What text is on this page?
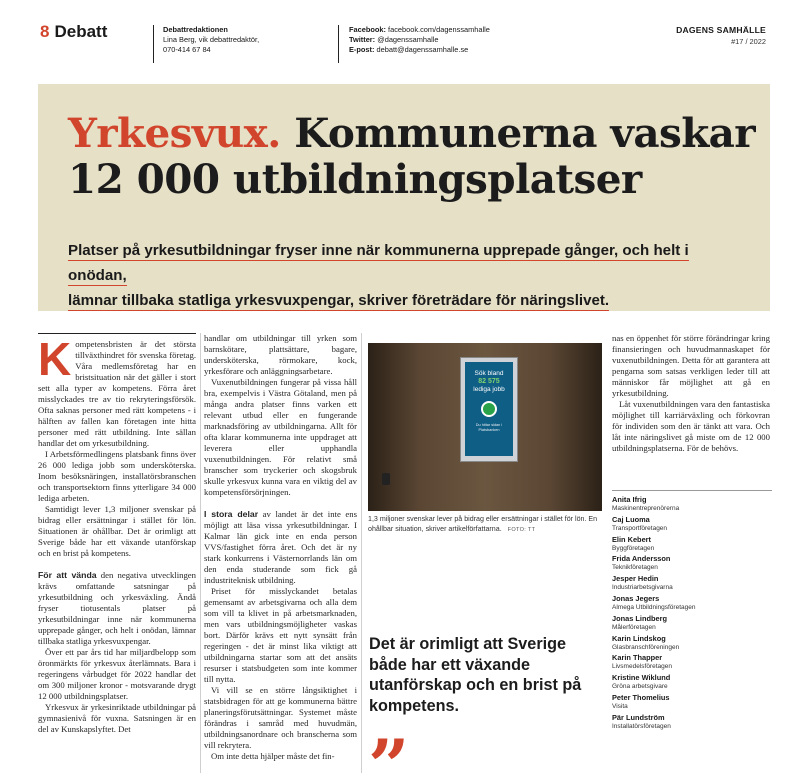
8 Debatt	Debattredaktionen
Lina Berg, vik debattredaktör,
070-414 67 84
Facebook: facebook.com/dagenssamhalle
Twitter: @dagenssamhalle
E-post: debatt@dagenssamhalle.se
DAGENS SAMHÄLLE
#17 / 2022
Yrkesvux. Kommunerna vaskar
12 000 utbildningsplatser
Platser på yrkesutbildningar fryser inne när kommunerna upprepade gånger, och helt i onödan,
lämnar tillbaka statliga yrkesvuxpengar, skriver företrädare för näringslivet.

Kompetensbristen är det största tillväxthindret för svenska företag. Våra medlemsföretag har en bristsituation när det gäller i stort sett alla typer av kompetens. Förra året misslyckades tre av tio rekryteringsförsök. Ofta saknas personer med rätt kompetens - i hälften av fallen kan företagen inte hitta personer med rätt utbildning. Inte sällan handlar det om yrkesutbildning.

I Arbetsförmedlingens platsbank finns över 26 000 lediga jobb som undersköterska. Inom besöksnäringen, installatörsbranschen och transportsektorn finns ytterligare 34 000 lediga arbeten.

Samtidigt lever 1,3 miljoner svenskar på bidrag eller ersättningar i stället för lön. Situationen är ohållbar. Det är orimligt att Sverige både har ett växande utanförskap och en brist på kompetens.

För att vända den negativa utvecklingen krävs omfattande satsningar på yrkesutbildning och yrkesväxling. Ändå fryser tiotusentals platser på yrkesutbildningar inne när kommunerna upprepade gånger, och helt i onödan, lämnar tillbaka statliga yrkesvuxpengar.

Över ett par års tid har miljardbelopp som öronmärkts för yrkesvux återlämnats. Bara i regeringens vårbudget för 2022 handlar det om 300 miljoner kronor - motsvarande drygt 12 000 utbildningsplatser.

Yrkesvux är yrkesinriktade utbildningar på gymnasienivå för vuxna. Satsningen är en del av Kunskapslyftet. Det

handlar om utbildningar till yrken som barnskötare, plattsättare, bagare, undersköterska, rörmokare, kock, yrkesförare och anläggningsarbetare.

Vuxenutbildningen fungerar på vissa håll bra, exempelvis i Västra Götaland, men på många andra platser finns varken ett relevant utbud eller en fungerande marknadsföring av utbildningarna. Allt för ofta klarar kommunerna inte uppdraget att leverera eller upphandla vuxenutbildningen. För relativt små branscher som tryckerier och skogsbruk skulle yrkesvux kunna vara en viktig del av kompetensförsörjningen.

I stora delar av landet är det inte ens möjligt att läsa vissa yrkesutbildningar. I Kalmar län gick inte en enda person VVS/fastighet förra året. Och det är ny stark konkurrens i Västernorrlands län om den enda studerande som fick gå industriteknisk utbildning.

Priset för misslyckandet betalas gemensamt av arbetsgivarna och alla dem som vill ta klivet in på arbetsmarknaden, men vars utbildningsmöjligheter vaskas bort. Därför krävs ett nytt synsätt från regeringen - det är minst lika viktigt att utbildningarna startar som att det ansäts resurser i statsbudgeten som inte kommer till nytta.

Vi vill se en större långsiktighet i statsbidragen för att ge kommunerna bättre planeringsförutsättningar. Systemet måste förändras i samråd med huvudmän, utbildningsanordnare och branscherna som vill rekrytera.

Om inte detta hjälper måste det fin-

Sök bland
82 575
lediga jobb
Du hittar sidan i Platsbanken
1,3 miljoner svenskar lever på bidrag eller ersättningar i stället för lön. En ohållbar situation, skriver artikelförfattarna. FOTO: TT
Det är orimligt att Sverige både har ett växande utanförskap och en brist på kompetens.
”

nas en öppenhet för större förändringar kring finansieringen och huvudmannaskapet för vuxenutbildningen. Detta för att garantera att pengarna som satsas verkligen leder till att människor får möjlighet att gå en yrkesutbildning.

Låt vuxenutbildningen vara den fantastiska möjlighet till karriärväxling och förkovran för individen som den är tänkt att vara. Och låt inte näringslivet gå miste om de 12 000 utbildningsplatserna. För de behövs.

Anita Ifrig
Maskinentreprenörerna
Caj Luoma
Transportföretagen
Elin Kebert
Byggföretagen
Frida Andersson
Teknikföretagen
Jesper Hedin
Industriarbetsgivarna
Jonas Jegers
Almega Utbildningsföretagen
Jonas Lindberg
Målerföretagen
Karin Lindskog
Glasbranschföreningen
Karin Thapper
Livsmedelsföretagen
Kristine Wiklund
Gröna arbetsgivare
Peter Thomelius
Visita
Pär Lundström
Installatörsföretagen
